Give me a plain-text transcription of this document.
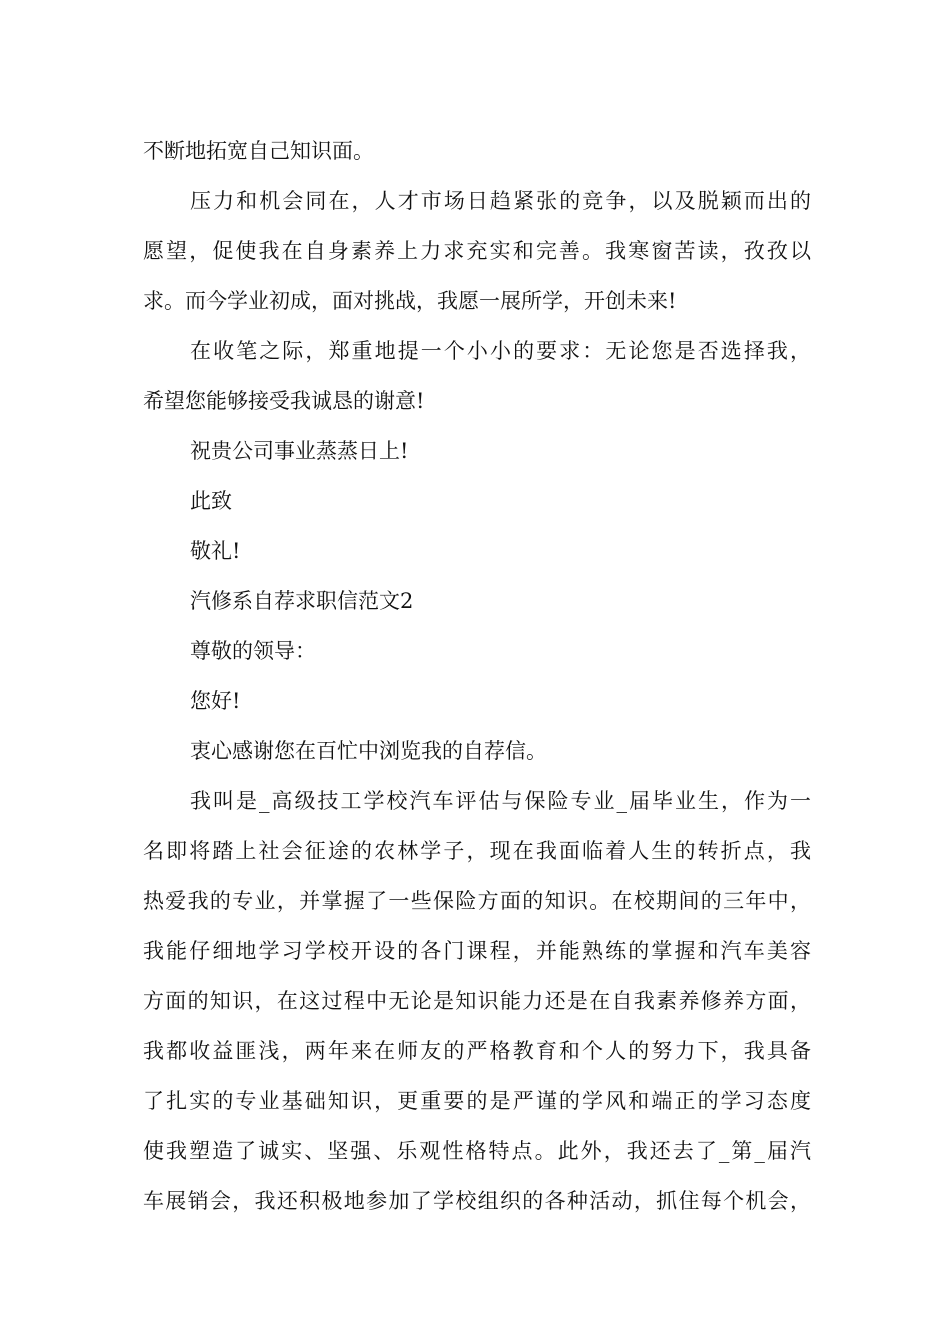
不断地拓宽自己知识面。
压力和机会同在，人才市场日趋紧张的竞争，以及脱颖而出的
愿望，促使我在自身素养上力求充实和完善。我寒窗苦读，孜孜以
求。而今学业初成，面对挑战，我愿一展所学，开创未来!
在收笔之际，郑重地提一个小小的要求：无论您是否选择我，
希望您能够接受我诚恳的谢意!
祝贵公司事业蒸蒸日上!
此致
敬礼!
汽修系自荐求职信范文2
尊敬的领导：
您好!
衷心感谢您在百忙中浏览我的自荐信。
我叫是_高级技工学校汽车评估与保险专业_届毕业生，作为一
名即将踏上社会征途的农林学子，现在我面临着人生的转折点，我
热爱我的专业，并掌握了一些保险方面的知识。在校期间的三年中，
我能仔细地学习学校开设的各门课程，并能熟练的掌握和汽车美容
方面的知识，在这过程中无论是知识能力还是在自我素养修养方面，
我都收益匪浅，两年来在师友的严格教育和个人的努力下，我具备
了扎实的专业基础知识，更重要的是严谨的学风和端正的学习态度
使我塑造了诚实、坚强、乐观性格特点。此外，我还去了_第_届汽
车展销会，我还积极地参加了学校组织的各种活动，抓住每个机会，
